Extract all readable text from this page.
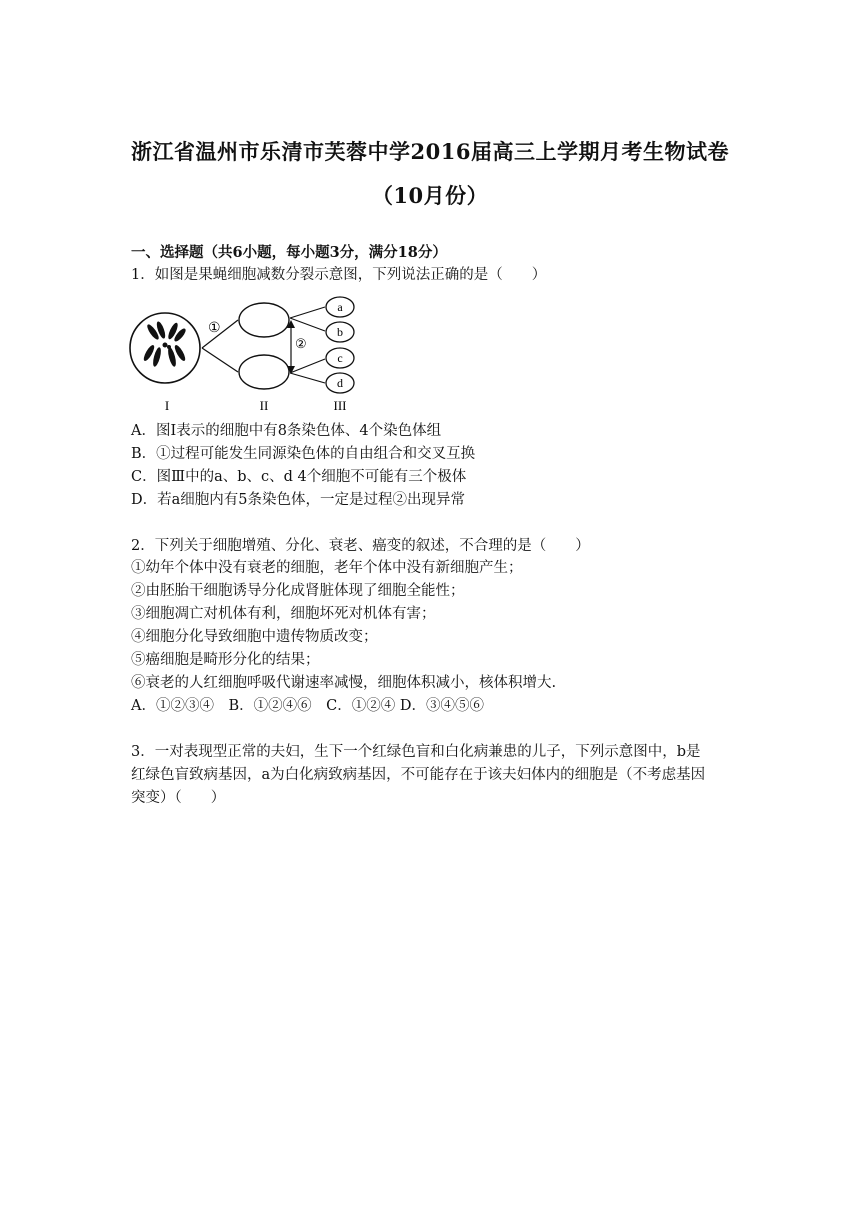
浙江省温州市乐清市芙蓉中学2016届高三上学期月考生物试卷
（10月份）
一、选择题（共6小题，每小题3分，满分18分）
1．如图是果蝇细胞减数分裂示意图，下列说法正确的是（　　）
①
②
a
b
c
d
I	II	III
A．图Ⅰ表示的细胞中有8条染色体、4个染色体组
B．①过程可能发生同源染色体的自由组合和交叉互换
C．图Ⅲ中的a、b、c、d 4个细胞不可能有三个极体
D．若a细胞内有5条染色体，一定是过程②出现异常
2．下列关于细胞增殖、分化、衰老、癌变的叙述，不合理的是（　　）
①幼年个体中没有衰老的细胞，老年个体中没有新细胞产生；
②由胚胎干细胞诱导分化成肾脏体现了细胞全能性；
③细胞凋亡对机体有利，细胞坏死对机体有害；
④细胞分化导致细胞中遗传物质改变；
⑤癌细胞是畸形分化的结果；
⑥衰老的人红细胞呼吸代谢速率减慢，细胞体积减小，核体积增大.
A．①②③④　B．①②④⑥　C．①②④ D．③④⑤⑥
3．一对表现型正常的夫妇，生下一个红绿色盲和白化病兼患的儿子，下列示意图中，b是
红绿色盲致病基因，a为白化病致病基因，不可能存在于该夫妇体内的细胞是（不考虑基因
突变）（　　）
